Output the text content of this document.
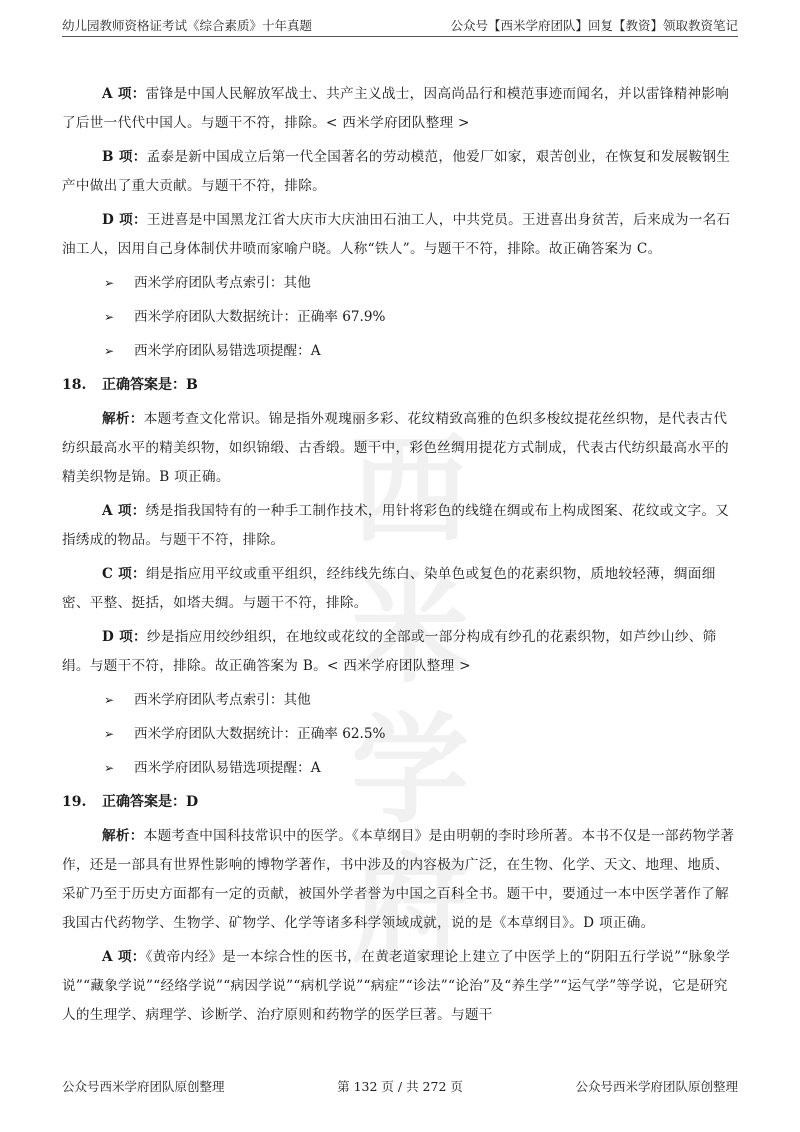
幼儿园教师资格证考试《综合素质》十年真题	公众号【西米学府团队】回复【教资】领取教资笔记
西米
学府

A 项：雷锋是中国人民解放军战士、共产主义战士，因高尚品行和模范事迹而闻名，并以雷锋精神影响了后世一代代中国人。与题干不符，排除。< 西米学府团队整理 >

B 项：孟泰是新中国成立后第一代全国著名的劳动模范，他爱厂如家，艰苦创业，在恢复和发展鞍钢生产中做出了重大贡献。与题干不符，排除。

D 项：王进喜是中国黑龙江省大庆市大庆油田石油工人，中共党员。王进喜出身贫苦，后来成为一名石油工人，因用自己身体制伏井喷而家喻户晓。人称“铁人”。与题干不符，排除。故正确答案为 C。

➢	西米学府团队考点索引：其他
➢	西米学府团队大数据统计：正确率 67.9%
➢	西米学府团队易错选项提醒：A
18. 正确答案是：B

解析：本题考查文化常识。锦是指外观瑰丽多彩、花纹精致高雅的色织多梭纹提花丝织物，是代表古代纺织最高水平的精美织物，如织锦缎、古香缎。题干中，彩色丝绸用提花方式制成，代表古代纺织最高水平的精美织物是锦。B 项正确。

A 项：绣是指我国特有的一种手工制作技术，用针将彩色的线缝在绸或布上构成图案、花纹或文字。又指绣成的物品。与题干不符，排除。

C 项：绢是指应用平纹或重平组织，经纬线先练白、染单色或复色的花素织物，质地较轻薄，绸面细密、平整、挺括，如塔夫绸。与题干不符，排除。

D 项：纱是指应用绞纱组织，在地纹或花纹的全部或一部分构成有纱孔的花素织物，如芦纱山纱、筛绢。与题干不符，排除。故正确答案为 B。< 西米学府团队整理 >

➢	西米学府团队考点索引：其他
➢	西米学府团队大数据统计：正确率 62.5%
➢	西米学府团队易错选项提醒：A
19. 正确答案是：D

解析：本题考查中国科技常识中的医学。《本草纲目》是由明朝的李时珍所著。本书不仅是一部药物学著作，还是一部具有世界性影响的博物学著作，书中涉及的内容极为广泛，在生物、化学、天文、地理、地质、采矿乃至于历史方面都有一定的贡献，被国外学者誉为中国之百科全书。题干中，要通过一本中医学著作了解我国古代药物学、生物学、矿物学、化学等诸多科学领域成就，说的是《本草纲目》。D 项正确。

A 项：《黄帝内经》是一本综合性的医书，在黄老道家理论上建立了中医学上的“阴阳五行学说”“脉象学说”“藏象学说”“经络学说”“病因学说”“病机学说”“病症”“诊法”“论治”及“养生学”“运气学”等学说，它是研究人的生理学、病理学、诊断学、治疗原则和药物学的医学巨著。与题干

公众号西米学府团队原创整理	第 132 页 / 共 272 页	公众号西米学府团队原创整理
